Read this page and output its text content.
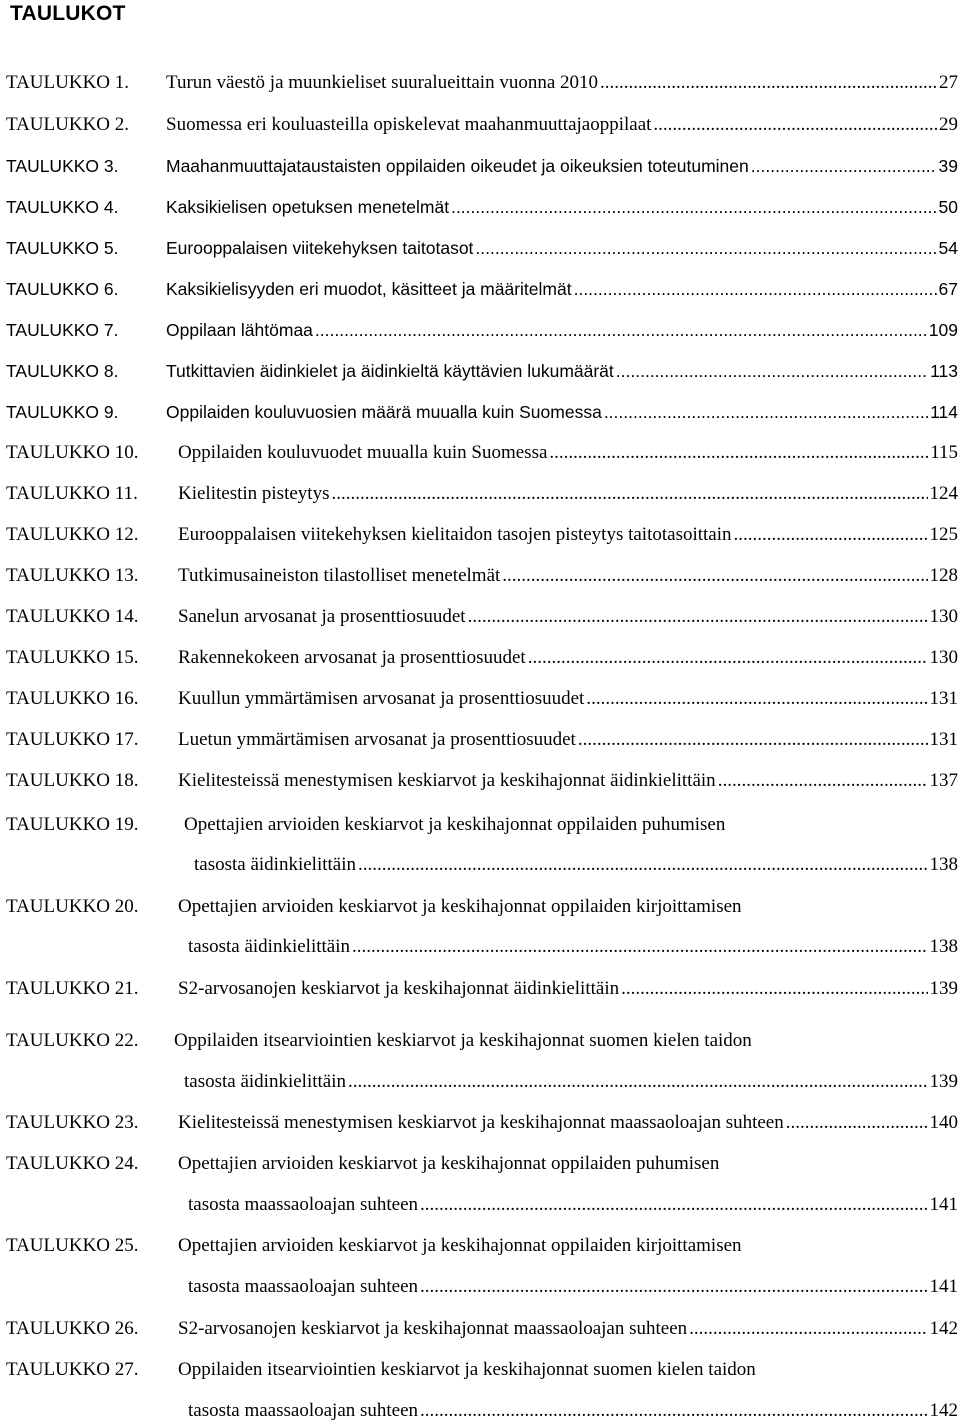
TAULUKOT
TAULUKKO 1.	Turun väestö ja muunkieliset suuralueittain vuonna 2010 .....	27
TAULUKKO 2.	Suomessa eri kouluasteilla opiskelevat maahanmuuttajaoppilaat .....	29
TAULUKKO 3.	Maahanmuuttajataustaisten oppilaiden oikeudet ja oikeuksien toteutuminen .....	39
TAULUKKO 4.	Kaksikielisen opetuksen menetelmät .....	50
TAULUKKO 5.	Eurooppalaisen viitekehyksen taitotasot .....	54
TAULUKKO 6.	Kaksikielisyyden eri muodot, käsitteet ja määritelmät .....	67
TAULUKKO 7.	Oppilaan lähtömaa .....	109
TAULUKKO 8.	Tutkittavien äidinkielet ja äidinkieltä käyttävien lukumäärät .....	113
TAULUKKO 9.	Oppilaiden kouluvuosien määrä muualla kuin Suomessa .....	114
TAULUKKO 10.	Oppilaiden kouluvuodet muualla kuin Suomessa .....	115
TAULUKKO 11.	Kielitestin pisteytys .....	124
TAULUKKO 12.	Eurooppalaisen viitekehyksen kielitaidon tasojen pisteytys taitotasoittain .....	125
TAULUKKO 13.	Tutkimusaineiston tilastolliset menetelmät .....	128
TAULUKKO 14.	Sanelun arvosanat ja prosenttiosuudet .....	130
TAULUKKO 15.	Rakennekokeen arvosanat ja prosenttiosuudet .....	130
TAULUKKO 16.	Kuullun ymmärtämisen arvosanat ja prosenttiosuudet .....	131
TAULUKKO 17.	Luetun ymmärtämisen arvosanat ja prosenttiosuudet .....	131
TAULUKKO 18.	Kielitesteissä menestymisen keskiarvot ja keskihajonnat äidinkielittäin .....	137
TAULUKKO 19.	Opettajien arvioiden keskiarvot ja keskihajonnat oppilaiden puhumisen
tasosta äidinkielittäin .....	138
TAULUKKO 20.	Opettajien arvioiden keskiarvot ja keskihajonnat oppilaiden kirjoittamisen
tasosta äidinkielittäin .....	138
TAULUKKO 21.	S2-arvosanojen keskiarvot ja keskihajonnat äidinkielittäin .....	139
TAULUKKO 22.	Oppilaiden itsearviointien keskiarvot ja keskihajonnat suomen kielen taidon
tasosta äidinkielittäin .....	139
TAULUKKO 23.	Kielitesteissä menestymisen keskiarvot ja keskihajonnat maassaoloajan suhteen .....	140
TAULUKKO 24.	Opettajien arvioiden keskiarvot ja keskihajonnat oppilaiden puhumisen
tasosta maassaoloajan suhteen .....	141
TAULUKKO 25.	Opettajien arvioiden keskiarvot ja keskihajonnat oppilaiden kirjoittamisen
tasosta maassaoloajan suhteen .....	141
TAULUKKO 26.	S2-arvosanojen keskiarvot ja keskihajonnat maassaoloajan suhteen .....	142
TAULUKKO 27.	Oppilaiden itsearviointien keskiarvot ja keskihajonnat suomen kielen taidon
tasosta maassaoloajan suhteen .....	142
